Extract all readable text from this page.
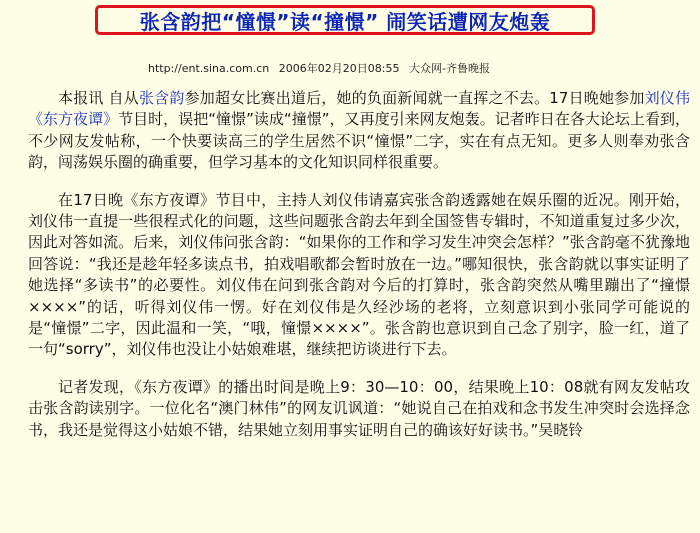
张含韵把“憧憬”读“撞憬” 闹笑话遭网友炮轰
http://ent.sina.com.cn 2006年02月20日08:55 大众网-齐鲁晚报

本报讯 自从张含韵参加超女比赛出道后，她的负面新闻就一直挥之不去。17日晚她参加刘仪伟《东方夜谭》节目时，误把“憧憬”读成“撞憬”，又再度引来网友炮轰。记者昨日在各大论坛上看到，不少网友发帖称，一个快要读高三的学生居然不识“憧憬”二字，实在有点无知。更多人则奉劝张含韵，闯荡娱乐圈的确重要，但学习基本的文化知识同样很重要。

在17日晚《东方夜谭》节目中，主持人刘仪伟请嘉宾张含韵透露她在娱乐圈的近况。刚开始，刘仪伟一直提一些很程式化的问题，这些问题张含韵去年到全国签售专辑时，不知道重复过多少次，因此对答如流。后来，刘仪伟问张含韵：“如果你的工作和学习发生冲突会怎样？”张含韵毫不犹豫地回答说：“我还是趁年轻多读点书，拍戏唱歌都会暂时放在一边。”哪知很快，张含韵就以事实证明了她选择“多读书”的必要性。刘仪伟在问到张含韵对今后的打算时，张含韵突然从嘴里蹦出了“撞憬××××”的话，听得刘仪伟一愣。好在刘仪伟是久经沙场的老将，立刻意识到小张同学可能说的是“憧憬”二字，因此温和一笑，“哦，憧憬××××”。张含韵也意识到自己念了别字，脸一红，道了一句“sorry”，刘仪伟也没让小姑娘难堪，继续把访谈进行下去。

记者发现，《东方夜谭》的播出时间是晚上9：30—10：00，结果晚上10：08就有网友发帖攻击张含韵读别字。一位化名“澳门林伟”的网友讥讽道：“她说自己在拍戏和念书发生冲突时会选择念书，我还是觉得这小姑娘不错，结果她立刻用事实证明自己的确该好好读书。”吴晓铃
